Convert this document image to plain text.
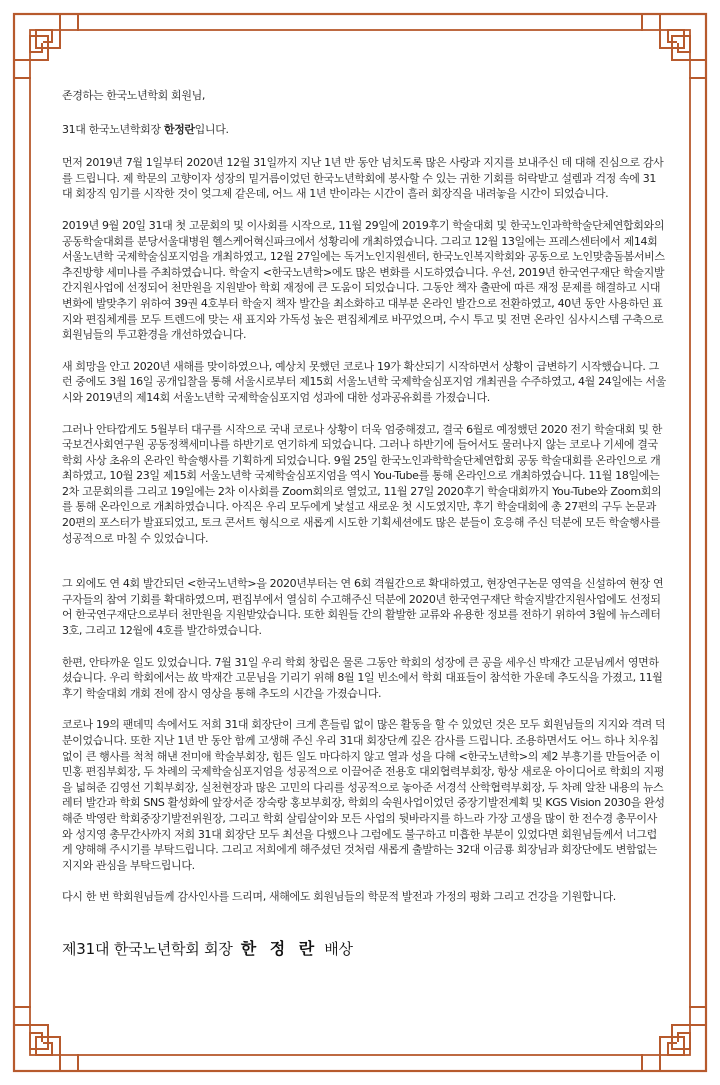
존경하는 한국노년학회 회원님,

31대 한국노년학회장 한정란입니다.

먼저 2019년 7월 1일부터 2020년 12월 31일까지 지난 1년 반 동안 넘치도록 많은 사랑과 지지를 보내주신 데 대해 진심으로 감사를 드립니다. 제 학문의 고향이자 성장의 밑거름이었던 한국노년학회에 봉사할 수 있는 귀한 기회를 허락받고 설렘과 걱정 속에 31대 회장직 임기를 시작한 것이 엊그제 같은데, 어느 새 1년 반이라는 시간이 흘러 회장직을 내려놓을 시간이 되었습니다.

2019년 9월 20일 31대 첫 고문회의 및 이사회를 시작으로, 11월 29일에 2019후기 학술대회 및 한국노인과학학술단체연합회와의 공동학술대회를 분당서울대병원 헬스케어혁신파크에서 성황리에 개최하였습니다. 그리고 12월 13일에는 프레스센터에서 제14회 서울노년학 국제학술심포지엄을 개최하였고, 12월 27일에는 독거노인지원센터, 한국노인복지학회와 공동으로 노인맞춤돌봄서비스 추진방향 세미나를 주최하였습니다. 학술지 <한국노년학>에도 많은 변화를 시도하였습니다. 우선, 2019년 한국연구재단 학술지발간지원사업에 선정되어 천만원을 지원받아 학회 재정에 큰 도움이 되었습니다. 그동안 책자 출판에 따른 재정 문제를 해결하고 시대 변화에 발맞추기 위하여 39권 4호부터 학술지 책자 발간을 최소화하고 대부분 온라인 발간으로 전환하였고, 40년 동안 사용하던 표지와 편집체계를 모두 트렌드에 맞는 새 표지와 가독성 높은 편집체계로 바꾸었으며, 수시 투고 및 전면 온라인 심사시스템 구축으로 회원님들의 투고환경을 개선하였습니다.

새 희망을 안고 2020년 새해를 맞이하였으나, 예상치 못했던 코로나 19가 확산되기 시작하면서 상황이 급변하기 시작했습니다. 그런 중에도 3월 16일 공개입찰을 통해 서울시로부터 제15회 서울노년학 국제학술심포지엄 개최권을 수주하였고, 4월 24일에는 서울시와 2019년의 제14회 서울노년학 국제학술심포지엄 성과에 대한 성과공유회를 가졌습니다.

그러나 안타깝게도 5월부터 대구를 시작으로 국내 코로나 상황이 더욱 엄중해졌고, 결국 6월로 예정했던 2020 전기 학술대회 및 한국보건사회연구원 공동정책세미나를 하반기로 연기하게 되었습니다. 그러나 하반기에 들어서도 물러나지 않는 코로나 기세에 결국 학회 사상 초유의 온라인 학술행사를 기획하게 되었습니다. 9월 25일 한국노인과학학술단체연합회 공동 학술대회를 온라인으로 개최하였고, 10월 23일 제15회 서울노년학 국제학술심포지엄을 역시 You-Tube를 통해 온라인으로 개최하였습니다. 11월 18일에는 2차 고문회의를 그리고 19일에는 2차 이사회를 Zoom회의로 열었고, 11월 27일 2020후기 학술대회까지 You-Tube와 Zoom회의를 통해 온라인으로 개최하였습니다. 아직은 우리 모두에게 낯설고 새로운 첫 시도였지만, 후기 학술대회에 총 27편의 구두 논문과 20편의 포스터가 발표되었고, 토크 콘서트 형식으로 새롭게 시도한 기획세션에도 많은 분들이 호응해 주신 덕분에 모든 학술행사를 성공적으로 마칠 수 있었습니다.

그 외에도 연 4회 발간되던 <한국노년학>을 2020년부터는 연 6회 격월간으로 확대하였고, 현장연구논문 영역을 신설하여 현장 연구자들의 참여 기회를 확대하였으며, 편집부에서 열심히 수고해주신 덕분에 2020년 한국연구재단 학술지발간지원사업에도 선정되어 한국연구재단으로부터 천만원을 지원받았습니다. 또한 회원들 간의 활발한 교류와 유용한 정보를 전하기 위하여 3월에 뉴스레터 3호, 그리고 12월에 4호를 발간하였습니다.

한편, 안타까운 일도 있었습니다. 7월 31일 우리 학회 창립은 물론 그동안 학회의 성장에 큰 공을 세우신 박재간 고문님께서 영면하셨습니다. 우리 학회에서는 故 박재간 고문님을 기리기 위해 8월 1일 빈소에서 학회 대표들이 참석한 가운데 추도식을 가졌고, 11월 후기 학술대회 개회 전에 잠시 영상을 통해 추도의 시간을 가졌습니다.

코로나 19의 팬데믹 속에서도 저희 31대 회장단이 크게 흔들림 없이 많은 활동을 할 수 있었던 것은 모두 회원님들의 지지와 격려 덕분이었습니다. 또한 지난 1년 반 동안 함께 고생해 주신 우리 31대 회장단께 깊은 감사를 드립니다. 조용하면서도 어느 하나 치우침 없이 큰 행사를 척척 해낸 전미애 학술부회장, 힘든 일도 마다하지 않고 열과 성을 다해 <한국노년학>의 제2 부흥기를 만들어준 이민홍 편집부회장, 두 차례의 국제학술심포지엄을 성공적으로 이끌어준 전용호 대외협력부회장, 항상 새로운 아이디어로 학회의 지평을 넓혀준 김영선 기획부회장, 실천현장과 많은 고민의 다리를 성공적으로 놓아준 서경석 산학협력부회장, 두 차례 알찬 내용의 뉴스레터 발간과 학회 SNS 활성화에 앞장서준 장숙랑 홍보부회장, 학회의 숙원사업이었던 중장기발전계획 및 KGS Vision 2030을 완성해준 박영란 학회중장기발전위원장, 그리고 학회 살림살이와 모든 사업의 뒷바라지를 하느라 가장 고생을 많이 한 전수경 총무이사와 성지영 총무간사까지 저희 31대 회장단 모두 최선을 다했으나 그럼에도 불구하고 미흡한 부분이 있었다면 회원님들께서 너그럽게 양해해 주시기를 부탁드립니다. 그리고 저희에게 해주셨던 것처럼 새롭게 출발하는 32대 이금룡 회장님과 회장단에도 변함없는 지지와 관심을 부탁드립니다.

다시 한 번 학회원님들께 감사인사를 드리며, 새해에도 회원님들의 학문적 발전과 가정의 평화 그리고 건강을 기원합니다.

제31대 한국노년학회 회장 한 정 란 배상
